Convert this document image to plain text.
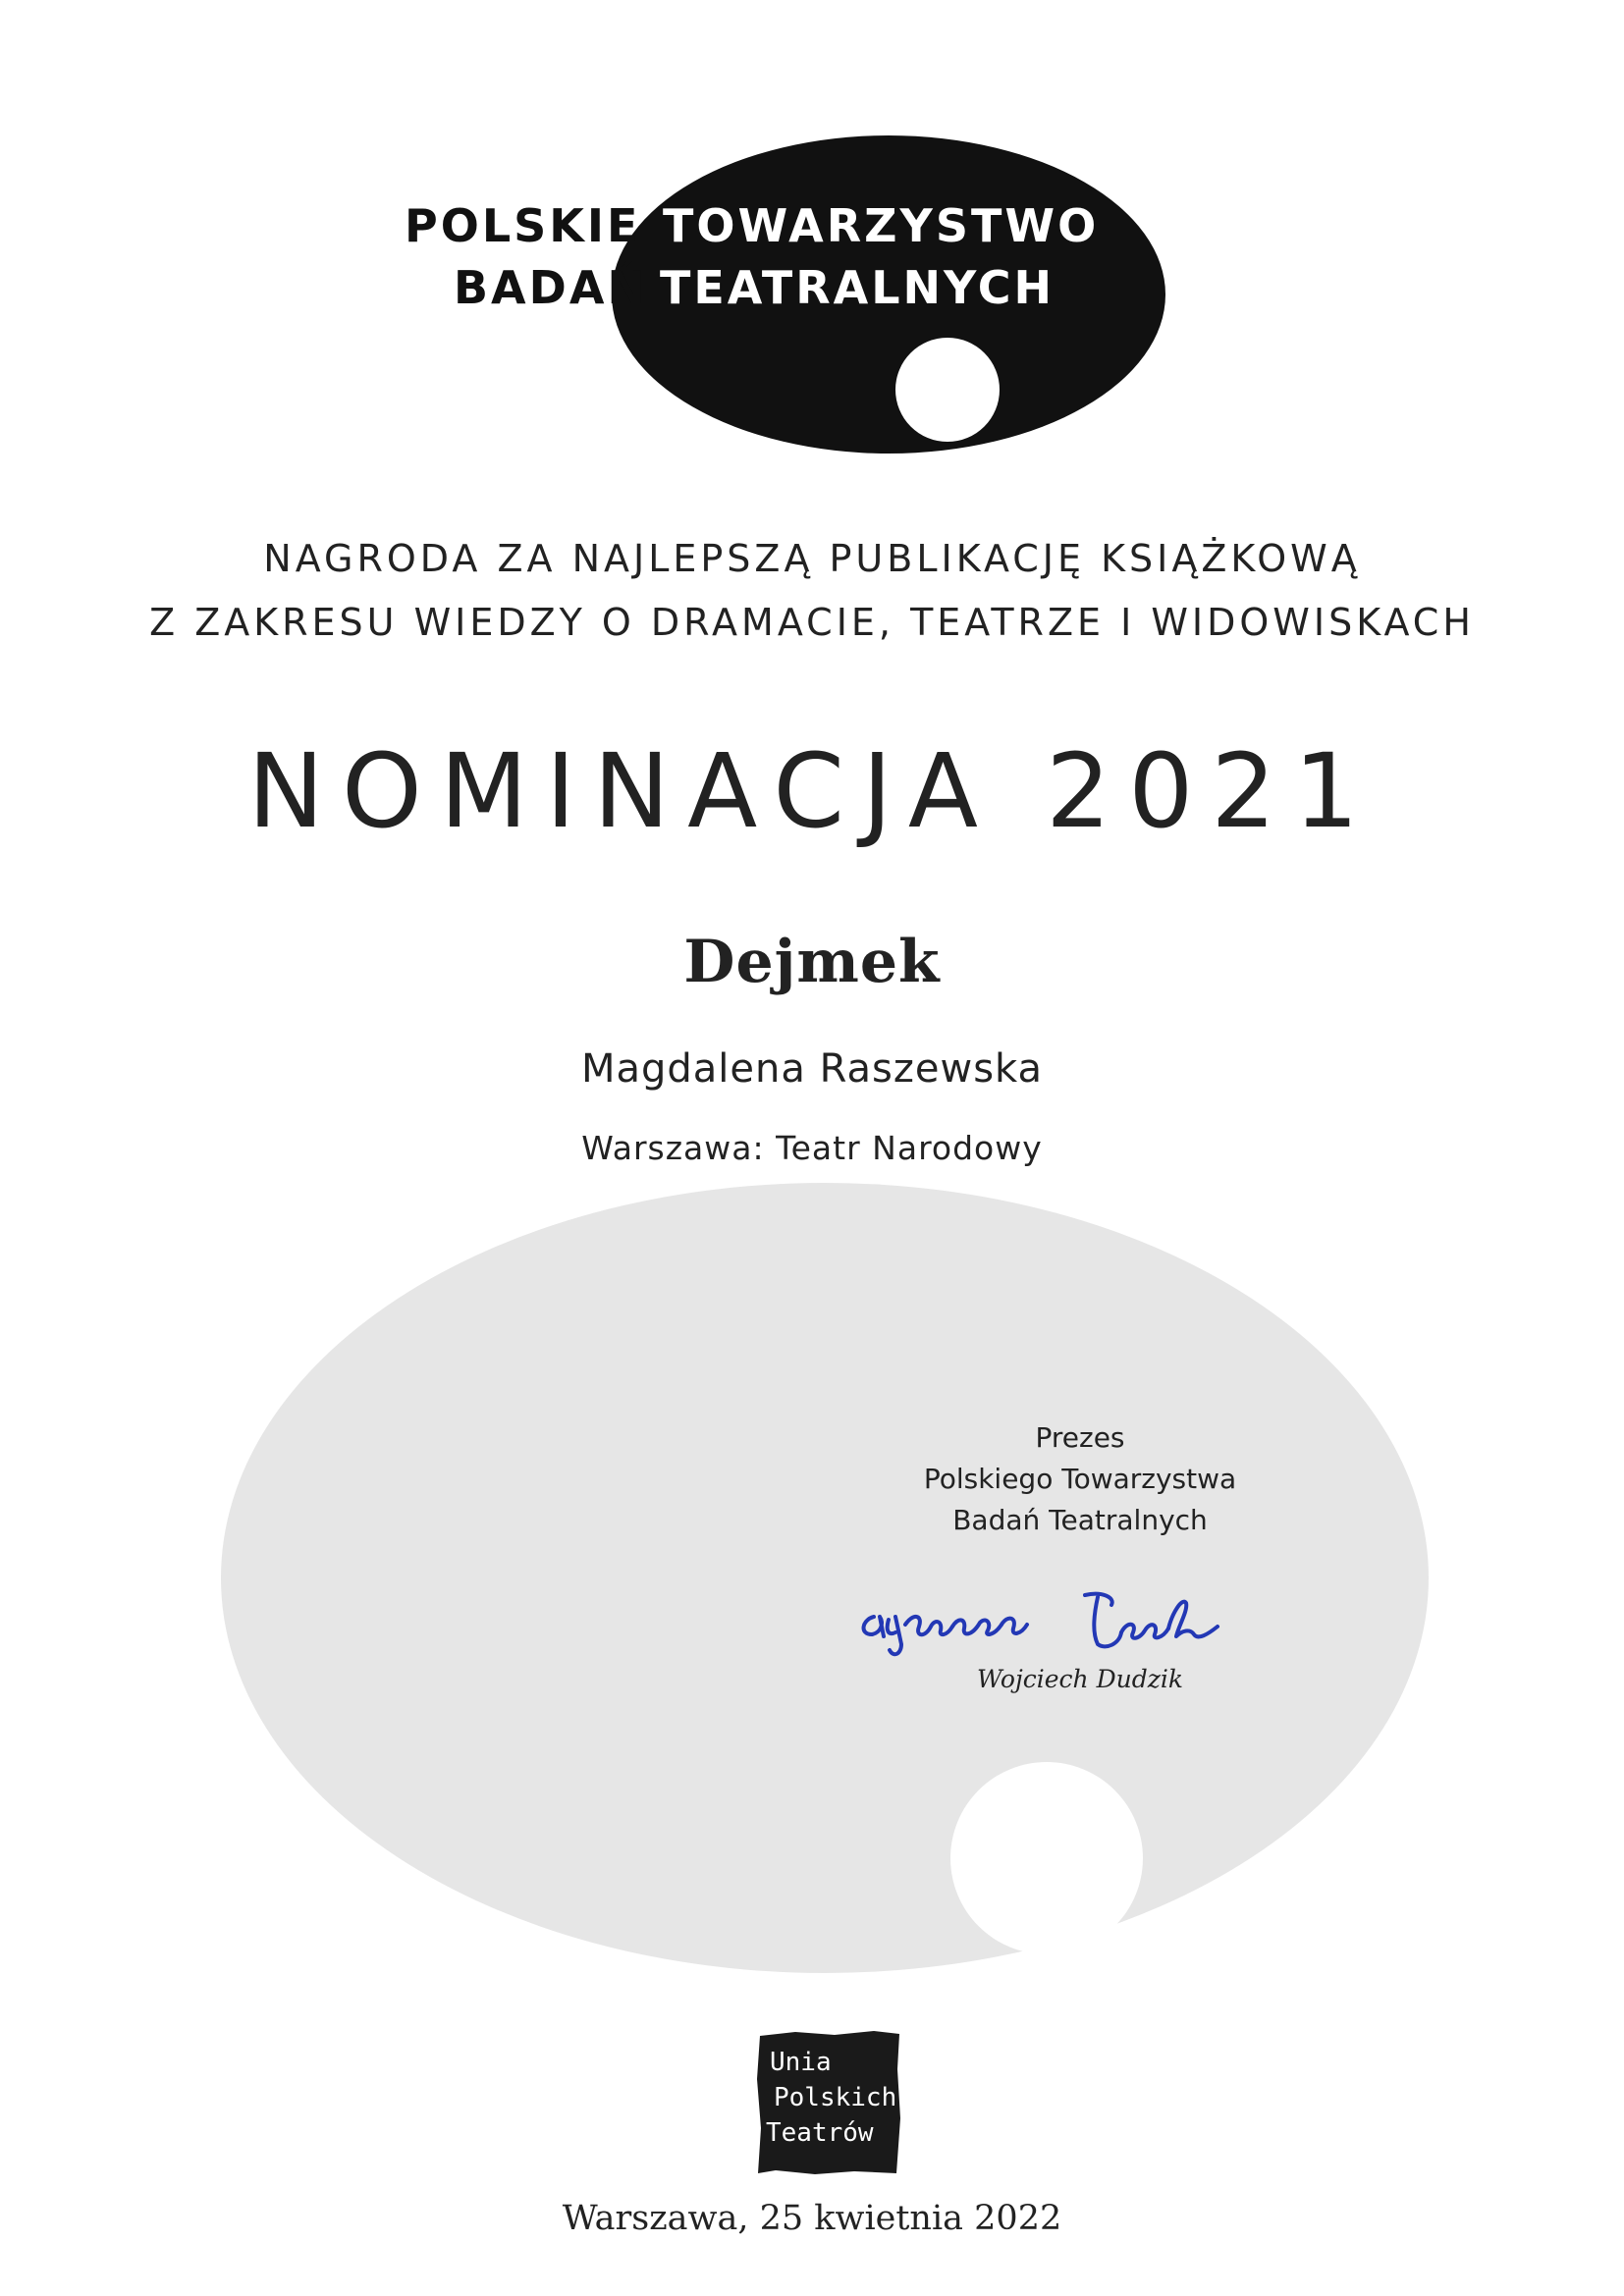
POLSKIE TOWARZYSTWO
BADAŃ TEATRALNYCH
NAGRODA ZA NAJLEPSZĄ PUBLIKACJĘ KSIĄŻKOWĄ
Z ZAKRESU WIEDZY O DRAMACIE, TEATRZE I WIDOWISKACH
NOMINACJA 2021
Dejmek
Magdalena Raszewska
Warszawa: Teatr Narodowy
Prezes
Polskiego Towarzystwa
Badań Teatralnych
Wojciech Dudzik
Unia
Polskich
Teatrów
Warszawa, 25 kwietnia 2022
